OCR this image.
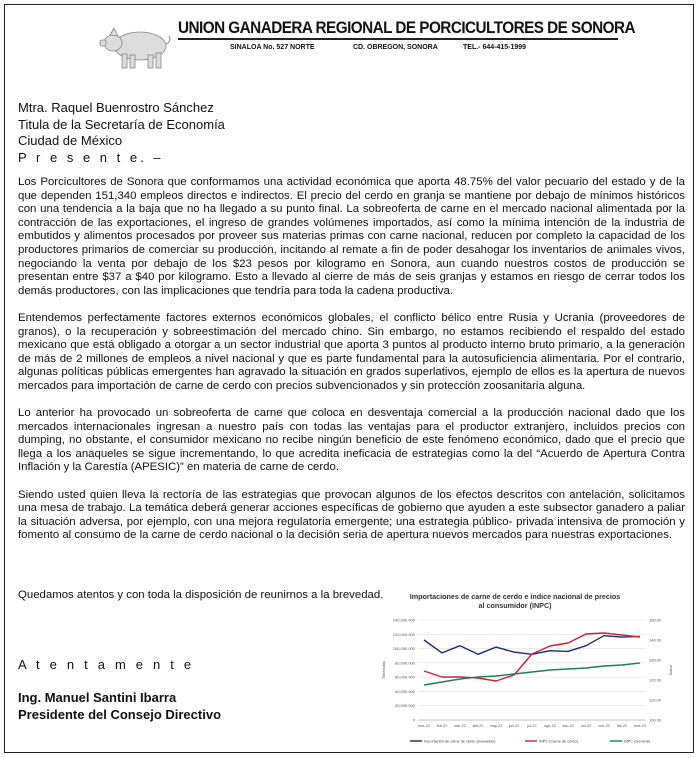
UNION GANADERA REGIONAL DE PORCICULTORES DE SONORA
SINALOA No. 527 NORTE	CD. OBREGON, SONORA	TEL.- 644-415-1999
Mtra. Raquel Buenrostro Sánchez
Titula de la Secretaría de Economía
Ciudad de México
P r e s e n t e. –

Los Porcicultores de Sonora que conformamos una actividad económica que aporta 48.75% del valor pecuario del estado y de la que dependen 151,340 empleos directos e indirectos. El precio del cerdo en granja se mantiene por debajo de mínimos históricos con una tendencia a la baja que no ha llegado a su punto final. La sobreoferta de carne en el mercado nacional alimentada por la contracción de las exportaciones, el ingreso de grandes volúmenes importados, así como la mínima intención de la industria de embutidos y alimentos procesados por proveer sus materias primas con carne nacional, reducen por completo la capacidad de los productores primarios de comerciar su producción, incitando al remate a fin de poder desahogar los inventarios de animales vivos, negociando la venta por debajo de los $23 pesos por kilogramo en Sonora, aun cuando nuestros costos de producción se presentan entre $37 a $40 por kilogramo. Esto a llevado al cierre de más de seis granjas y estamos en riesgo de cerrar todos los demás productores, con las implicaciones que tendría para toda la cadena productiva.

Entendemos perfectamente factores externos económicos globales, el conflicto bélico entre Rusia y Ucrania (proveedores de granos), o la recuperación y sobreestimación del mercado chino. Sin embargo, no estamos recibiendo el respaldo del estado mexicano que está obligado a otorgar a un sector industrial que aporta 3 puntos al producto interno bruto primario, a la generación de más de 2 millones de empleos a nivel nacional y que es parte fundamental para la autosuficiencia alimentaria. Por el contrario, algunas políticas públicas emergentes han agravado la situación en grados superlativos, ejemplo de ellos es la apertura de nuevos mercados para importación de carne de cerdo con precios subvencionados y sin protección zoosanitaria alguna.

Lo anterior ha provocado un sobreoferta de carne que coloca en desventaja comercial a la producción nacional dado que los mercados internacionales ingresan a nuestro país con todas las ventajas para el productor extranjero, incluidos precios con dumping, no obstante, el consumidor mexicano no recibe ningún beneficio de este fenómeno económico, dado que el precio que llega a los anaqueles se sigue incrementando, lo que acredita ineficacia de estrategias como la del “Acuerdo de Apertura Contra Inflación y la Carestía (APESIC)” en materia de carne de cerdo.

Siendo usted quien lleva la rectoría de las estrategias que provocan algunos de los efectos descritos con antelación, solicitamos una mesa de trabajo. La temática deberá generar acciones específicas de gobierno que ayuden a este subsector ganadero a paliar la situación adversa, por ejemplo, con una mejora regulatoria emergente; una estrategia público- privada intensiva de promoción y fomento al consumo de la carne de cerdo nacional o la decisión seria de apertura nuevos mercados para nuestras exportaciones.

Quedamos atentos y con toda la disposición de reunirnos a la brevedad.
A t e n t a m e n t e
Ing. Manuel Santini Ibarra
Presidente del Consejo Directivo
Importaciones de carne de cerdo e índice nacional de precios
al consumidor (INPC)
0
20,000.000
40,000.000
60,000.000
80,000.000
100,000.000
120,000.000
140,000.000
100.00
110.00
120.00
130.00
140.00
150.00
Toneladas	Índice
ene-22 feb-22 mar-22 abr-22 may-22 jun-22 jul-22 ago-22 sep-22 oct-22 nov-22 dic-22 ene-23
Importación de carne de cerdo (toneladas)	INPC (Carne de cerdo)	INPC (General)
